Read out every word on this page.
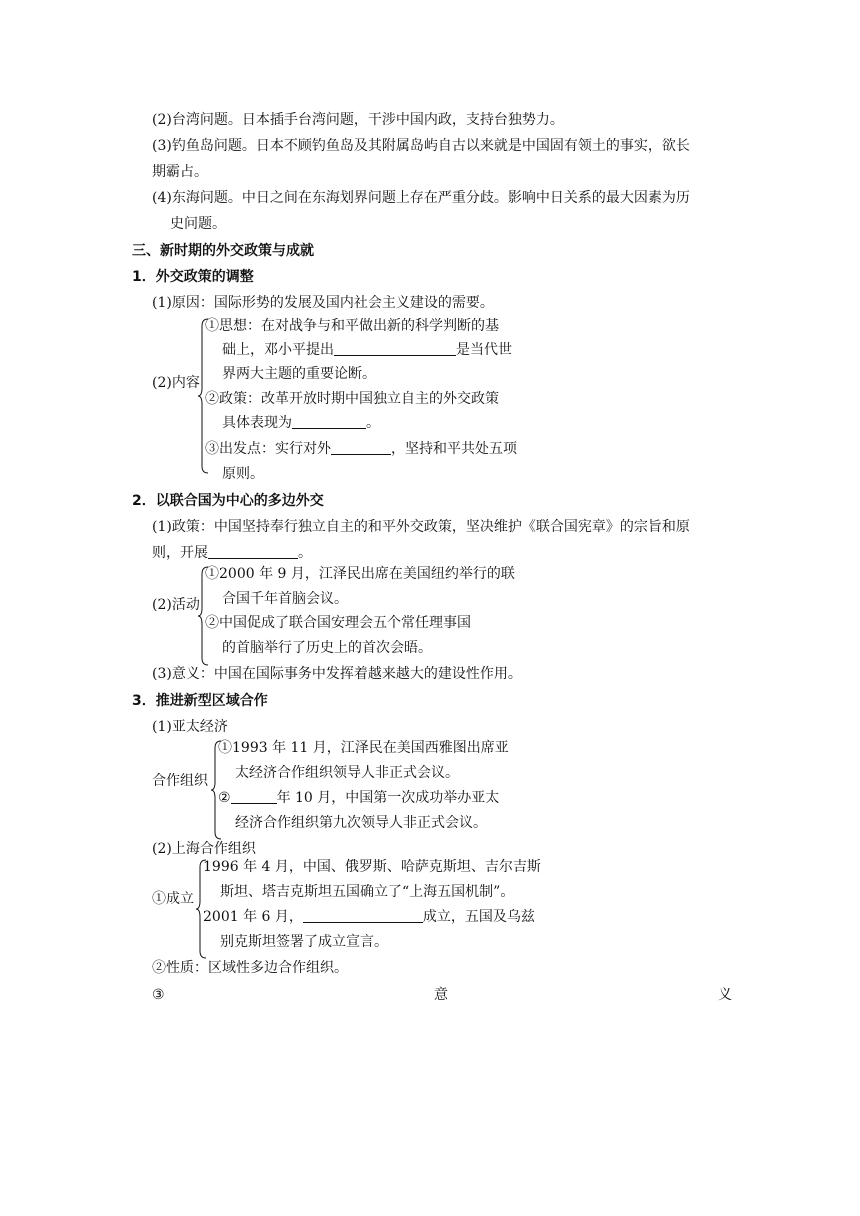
(2)台湾问题。日本插手台湾问题，干涉中国内政，支持台独势力。
(3)钓鱼岛问题。日本不顾钓鱼岛及其附属岛屿自古以来就是中国固有领土的事实，欲长
期霸占。
(4)东海问题。中日之间在东海划界问题上存在严重分歧。影响中日关系的最大因素为历
史问题。
三、新时期的外交政策与成就
1．外交政策的调整
(1)原因：国际形势的发展及国内社会主义建设的需要。
(2)内容
①思想：在对战争与和平做出新的科学判断的基
础上，邓小平提出	是当代世
界两大主题的重要论断。
②政策：改革开放时期中国独立自主的外交政策
具体表现为	。
③出发点：实行对外	，坚持和平共处五项
原则。
2．以联合国为中心的多边外交
(1)政策：中国坚持奉行独立自主的和平外交政策，坚决维护《联合国宪章》的宗旨和原
则，开展	。
(2)活动
①2000 年 9 月，江泽民出席在美国纽约举行的联
合国千年首脑会议。
②中国促成了联合国安理会五个常任理事国
的首脑举行了历史上的首次会晤。
(3)意义：中国在国际事务中发挥着越来越大的建设性作用。
3．推进新型区域合作
(1)亚太经济
合作组织
①1993 年 11 月，江泽民在美国西雅图出席亚
太经济合作组织领导人非正式会议。
②	年 10 月，中国第一次成功举办亚太
经济合作组织第九次领导人非正式会议。
(2)上海合作组织
①成立
1996 年 4 月，中国、俄罗斯、哈萨克斯坦、吉尔吉斯
斯坦、塔吉克斯坦五国确立了“上海五国机制”。
2001 年 6 月，	成立，五国及乌兹
别克斯坦签署了成立宣言。
②性质：区域性多边合作组织。
③	意	义
